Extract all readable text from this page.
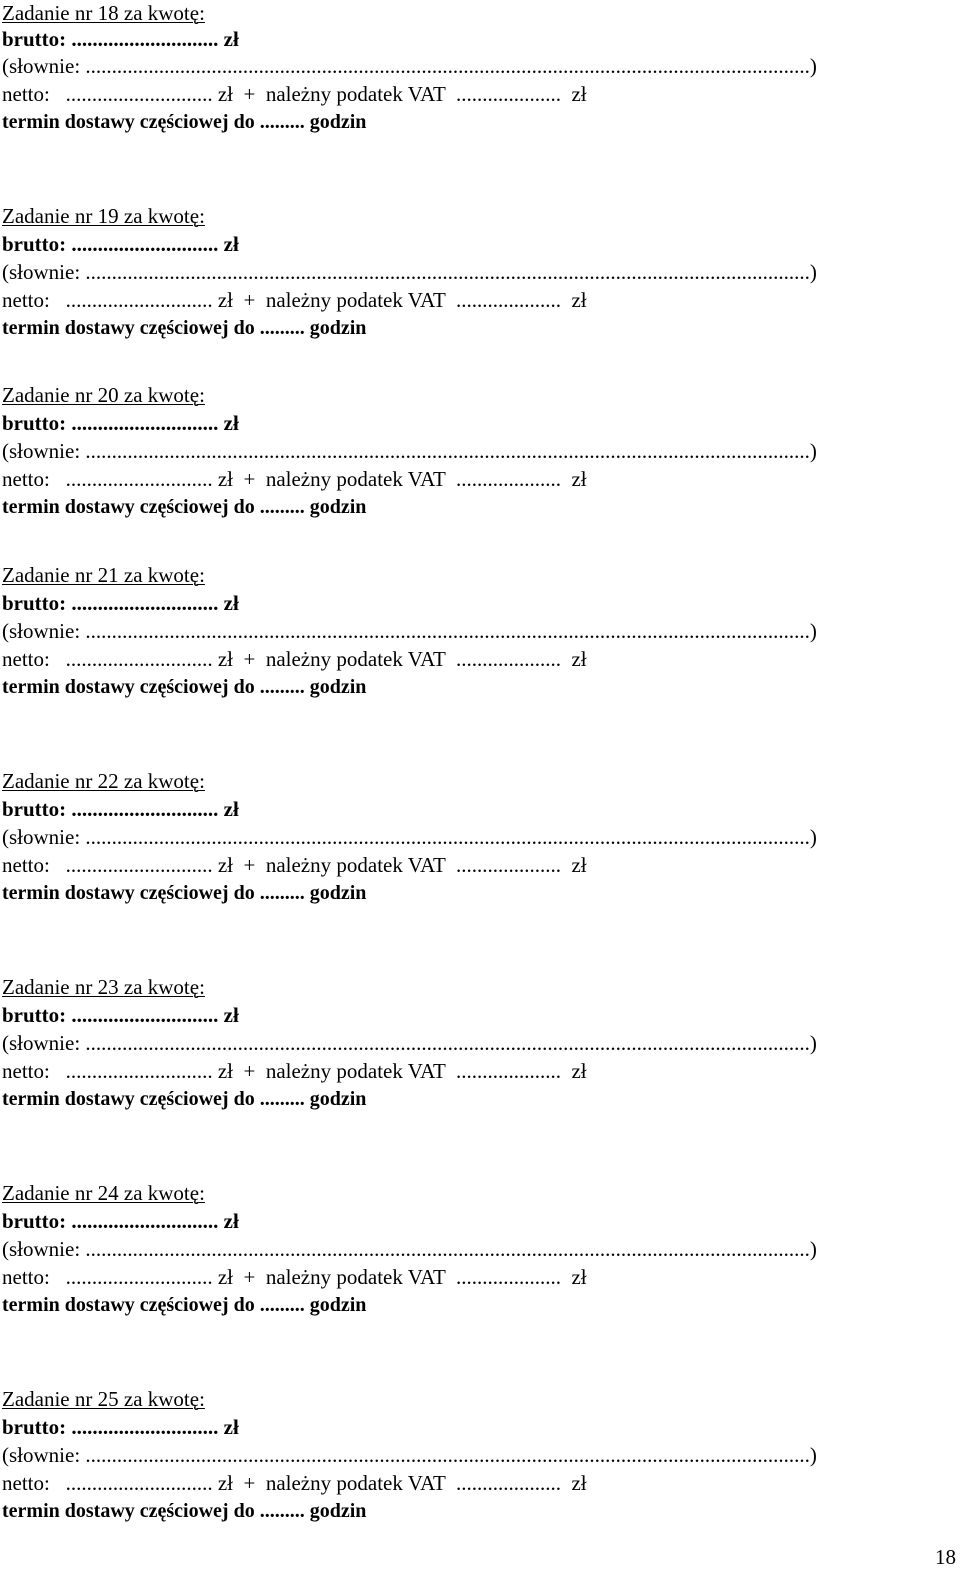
Zadanie nr 18 za kwotę:
brutto: ............................ zł
(słownie: ..........................................................................................................................................)
netto:   ............................ zł  +  należny podatek VAT  ....................  zł
termin dostawy częściowej do ......... godzin
Zadanie nr 19 za kwotę:
brutto: ............................ zł
(słownie: ..........................................................................................................................................)
netto:   ............................ zł  +  należny podatek VAT  ....................  zł
termin dostawy częściowej do ......... godzin
Zadanie nr 20 za kwotę:
brutto: ............................ zł
(słownie: ..........................................................................................................................................)
netto:   ............................ zł  +  należny podatek VAT  ....................  zł
termin dostawy częściowej do ......... godzin
Zadanie nr 21 za kwotę:
brutto: ............................ zł
(słownie: ..........................................................................................................................................)
netto:   ............................ zł  +  należny podatek VAT  ....................  zł
termin dostawy częściowej do ......... godzin
Zadanie nr 22 za kwotę:
brutto: ............................ zł
(słownie: ..........................................................................................................................................)
netto:   ............................ zł  +  należny podatek VAT  ....................  zł
termin dostawy częściowej do ......... godzin
Zadanie nr 23 za kwotę:
brutto: ............................ zł
(słownie: ..........................................................................................................................................)
netto:   ............................ zł  +  należny podatek VAT  ....................  zł
termin dostawy częściowej do ......... godzin
Zadanie nr 24 za kwotę:
brutto: ............................ zł
(słownie: ..........................................................................................................................................)
netto:   ............................ zł  +  należny podatek VAT  ....................  zł
termin dostawy częściowej do ......... godzin
Zadanie nr 25 za kwotę:
brutto: ............................ zł
(słownie: ..........................................................................................................................................)
netto:   ............................ zł  +  należny podatek VAT  ....................  zł
termin dostawy częściowej do ......... godzin
18
